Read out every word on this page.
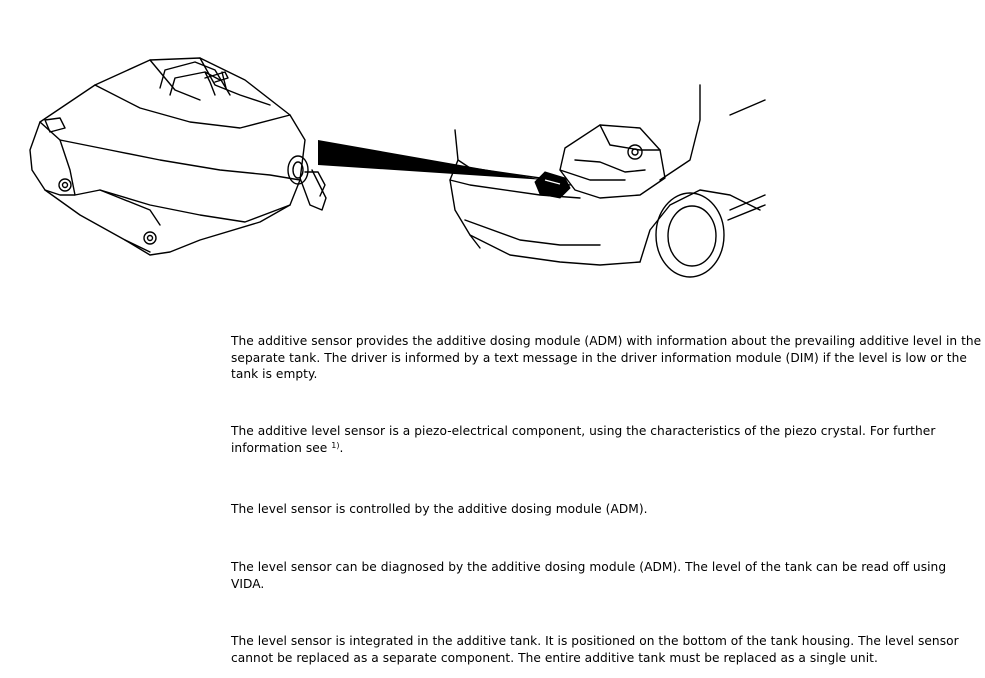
The additive sensor provides the additive dosing module (ADM) with information about the prevailing additive level in the separate tank. The driver is informed by a text message in the driver information module (DIM) if the level is low or the tank is empty.

The additive level sensor is a piezo-electrical component, using the characteristics of the piezo crystal. For further information see $^{1)}$.

The level sensor is controlled by the additive dosing module (ADM).

The level sensor can be diagnosed by the additive dosing module (ADM). The level of the tank can be read off using VIDA.

The level sensor is integrated in the additive tank. It is positioned on the bottom of the tank housing. The level sensor cannot be replaced as a separate component. The entire additive tank must be replaced as a single unit.
